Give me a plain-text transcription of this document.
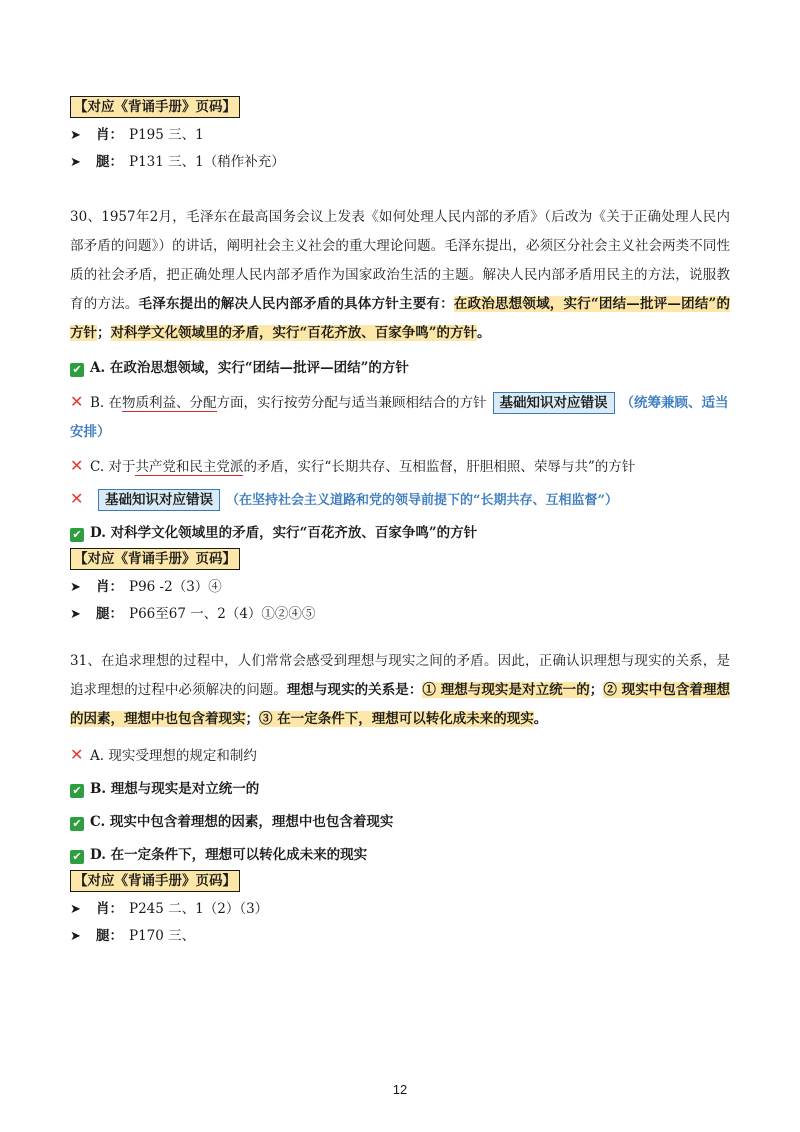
【对应《背诵手册》页码】
➤ 肖： P195 三、1
➤ 腿： P131 三、1（稍作补充）
30、1957年2月，毛泽东在最高国务会议上发表《如何处理人民内部的矛盾》（后改为《关于正确处理人民内部矛盾的问题》）的讲话，阐明社会主义社会的重大理论问题。毛泽东提出，必须区分社会主义社会两类不同性质的社会矛盾，把正确处理人民内部矛盾作为国家政治生活的主题。解决人民内部矛盾用民主的方法，说服教育的方法。毛泽东提出的解决人民内部矛盾的具体方针主要有：在政治思想领域，实行“团结—批评—团结”的方针；对科学文化领域里的矛盾，实行“百花齐放、百家争鸣”的方针。
✔ A. 在政治思想领域，实行“团结—批评—团结”的方针
✕ B. 在物质利益、分配方面，实行按劳分配与适当兼顾相结合的方针 基础知识对应错误 （统筹兼顾、适当安排）
✕ C. 对于共产党和民主党派的矛盾，实行“长期共存、互相监督，肝胆相照、荣辱与共”的方针
✕ 基础知识对应错误 （在坚持社会主义道路和党的领导前提下的“长期共存、互相监督”）
✔ D. 对科学文化领域里的矛盾，实行“百花齐放、百家争鸣”的方针
【对应《背诵手册》页码】
➤ 肖： P96 -2（3）④
➤ 腿： P66至67 一、2（4）①②④⑤
31、在追求理想的过程中，人们常常会感受到理想与现实之间的矛盾。因此，正确认识理想与现实的关系，是追求理想的过程中必须解决的问题。理想与现实的关系是：① 理想与现实是对立统一的；② 现实中包含着理想的因素，理想中也包含着现实；③ 在一定条件下，理想可以转化成未来的现实。
✕ A. 现实受理想的规定和制约
✔ B. 理想与现实是对立统一的
✔ C. 现实中包含着理想的因素，理想中也包含着现实
✔ D. 在一定条件下，理想可以转化成未来的现实
【对应《背诵手册》页码】
➤ 肖： P245 二、1（2）（3）
➤ 腿： P170 三、
12
